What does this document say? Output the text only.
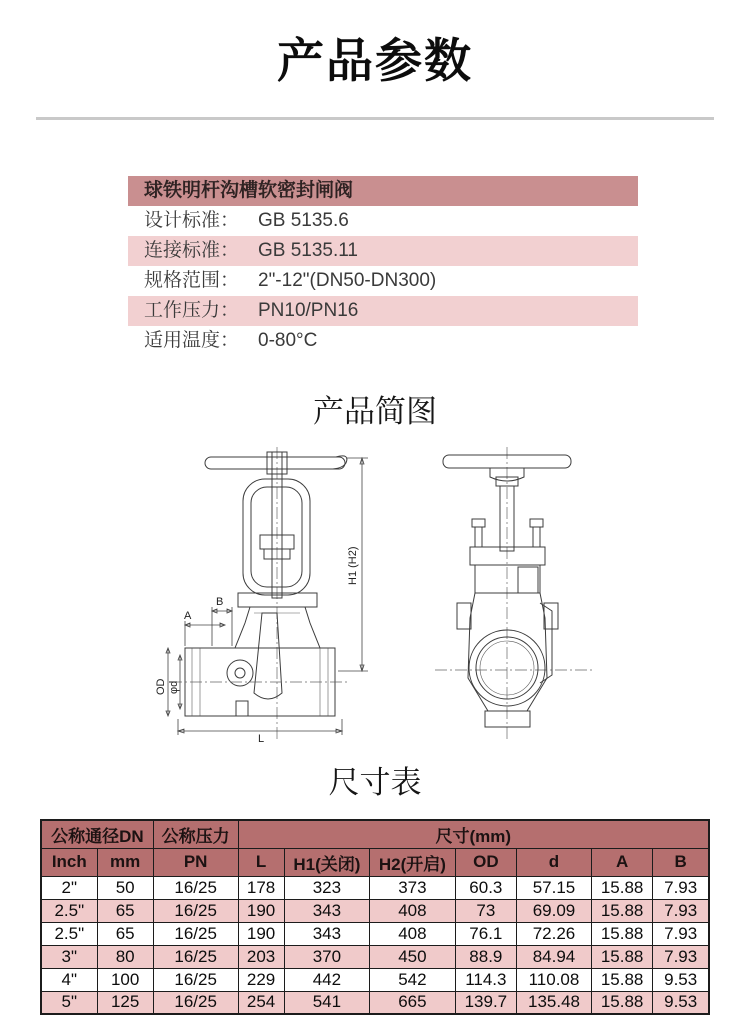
产品参数
球铁明杆沟槽软密封闸阀
设计标准： GB 5135.6
连接标准： GB 5135.11
规格范围： 2"-12"(DN50-DN300)
工作压力： PN10/PN16
适用温度： 0-80°C
产品简图
A
B
OD φd
H1 (H2)
L
尺寸表
公称通径DN		公称压力	尺寸(mm)						
Inch	mm	PN	L	H1(关闭)	H2(开启)	OD	d	A	B
2"	50	16/25	178	323	373	60.3	57.15	15.88	7.93
2.5"	65	16/25	190	343	408	73	69.09	15.88	7.93
2.5"	65	16/25	190	343	408	76.1	72.26	15.88	7.93
3"	80	16/25	203	370	450	88.9	84.94	15.88	7.93
4"	100	16/25	229	442	542	114.3	110.08	15.88	9.53
5"	125	16/25	254	541	665	139.7	135.48	15.88	9.53
